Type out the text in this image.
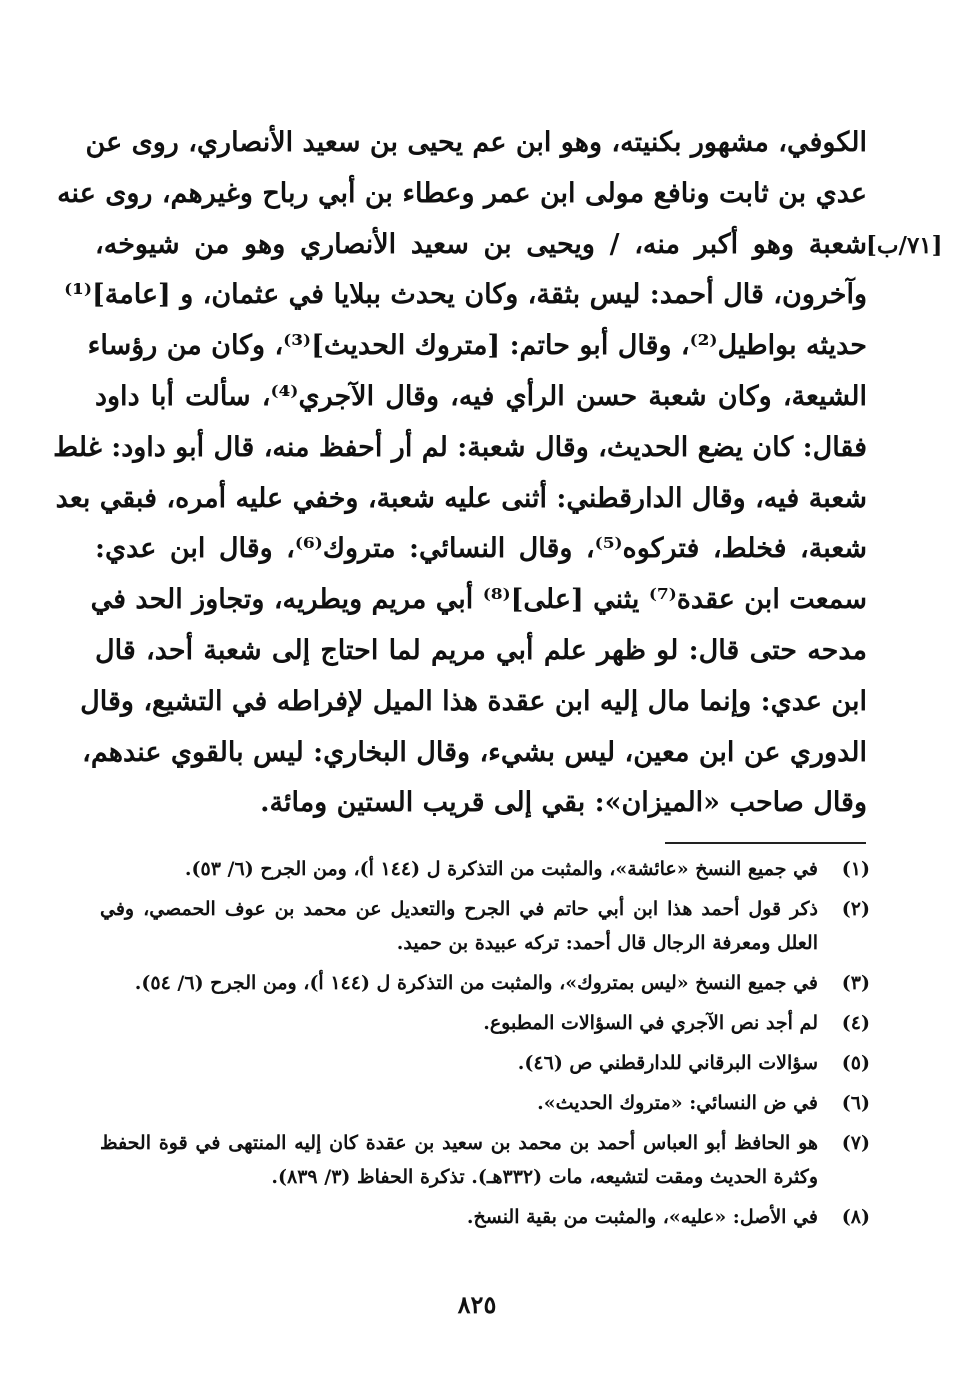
الكوفي، مشهور بكنيته، وهو ابن عم يحيى بن سعيد الأنصاري، روى عن
عدي بن ثابت ونافع مولى ابن عمر وعطاء بن أبي رباح وغيرهم، روى عنه
شعبة وهو أكبر منه، / ويحيى بن سعيد الأنصاري وهو من شيوخه،
وآخرون، قال أحمد: ليس بثقة، وكان يحدث ببلايا في عثمان، و [عامة]⁽¹⁾
حديثه بواطيل⁽²⁾، وقال أبو حاتم: [متروك الحديث]⁽³⁾، وكان من رؤساء
الشيعة، وكان شعبة حسن الرأي فيه، وقال الآجري⁽⁴⁾، سألت أبا داود
فقال: كان يضع الحديث، وقال شعبة: لم أر أحفظ منه، قال أبو داود: غلط
شعبة فيه، وقال الدارقطني: أثنى عليه شعبة، وخفي عليه أمره، فبقي بعد
شعبة، فخلط، فتركوه⁽⁵⁾، وقال النسائي: متروك⁽⁶⁾، وقال ابن عدي:
سمعت ابن عقدة⁽⁷⁾ يثني [على]⁽⁸⁾ أبي مريم ويطريه، وتجاوز الحد في
مدحه حتى قال: لو ظهر علم أبي مريم لما احتاج إلى شعبة أحد، قال
ابن عدي: وإنما مال إليه ابن عقدة هذا الميل لإفراطه في التشيع، وقال
الدوري عن ابن معين، ليس بشيء، وقال البخاري: ليس بالقوي عندهم،
وقال صاحب «الميزان»: بقي إلى قريب الستين ومائة.
[٧١/ب]
(١)
في جميع النسخ «عائشة»، والمثبت من التذكرة ل (١٤٤ أ)، ومن الجرح (٦/ ٥٣).
(٢)
ذكر قول أحمد هذا ابن أبي حاتم في الجرح والتعديل عن محمد بن عوف الحمصي، وفي
العلل ومعرفة الرجال قال أحمد: تركه عبيدة بن حميد.
(٣)
في جميع النسخ «ليس بمتروك»، والمثبت من التذكرة ل (١٤٤ أ)، ومن الجرح (٦/ ٥٤).
(٤)
لم أجد نص الآجري في السؤالات المطبوع.
(٥)
سؤالات البرقاني للدارقطني ص (٤٦).
(٦)
في ض النسائي: «متروك الحديث».
(٧)
هو الحافظ أبو العباس أحمد بن محمد بن سعيد بن عقدة كان إليه المنتهى في قوة الحفظ
وكثرة الحديث ومقت لتشيعه، مات (٣٣٢هـ). تذكرة الحفاظ (٣/ ٨٣٩).
(٨)
في الأصل: «عليه»، والمثبت من بقية النسخ.
٨٢٥
